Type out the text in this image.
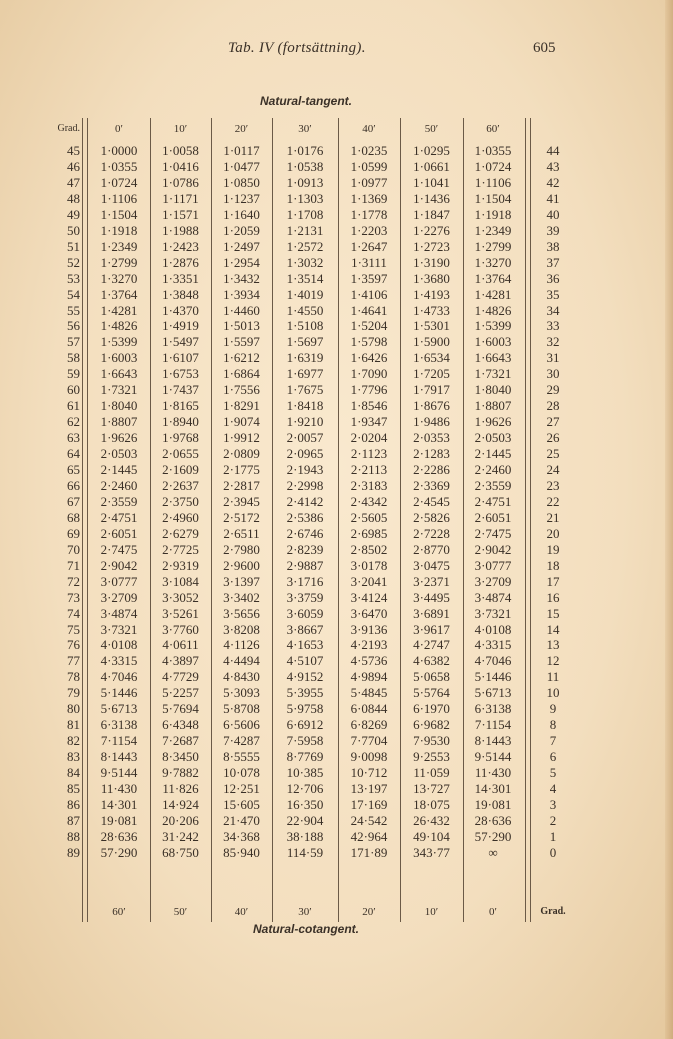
Tab. IV (fortsättning).	605
Natural-tangent.
Grad.	0′	10′	20′	30′	40′	50′	60′
45	1·0000	1·0058	1·0117	1·0176	1·0235	1·0295	1·0355	44
46	1·0355	1·0416	1·0477	1·0538	1·0599	1·0661	1·0724	43
47	1·0724	1·0786	1·0850	1·0913	1·0977	1·1041	1·1106	42
48	1·1106	1·1171	1·1237	1·1303	1·1369	1·1436	1·1504	41
49	1·1504	1·1571	1·1640	1·1708	1·1778	1·1847	1·1918	40
50	1·1918	1·1988	1·2059	1·2131	1·2203	1·2276	1·2349	39
51	1·2349	1·2423	1·2497	1·2572	1·2647	1·2723	1·2799	38
52	1·2799	1·2876	1·2954	1·3032	1·3111	1·3190	1·3270	37
53	1·3270	1·3351	1·3432	1·3514	1·3597	1·3680	1·3764	36
54	1·3764	1·3848	1·3934	1·4019	1·4106	1·4193	1·4281	35
55	1·4281	1·4370	1·4460	1·4550	1·4641	1·4733	1·4826	34
56	1·4826	1·4919	1·5013	1·5108	1·5204	1·5301	1·5399	33
57	1·5399	1·5497	1·5597	1·5697	1·5798	1·5900	1·6003	32
58	1·6003	1·6107	1·6212	1·6319	1·6426	1·6534	1·6643	31
59	1·6643	1·6753	1·6864	1·6977	1·7090	1·7205	1·7321	30
60	1·7321	1·7437	1·7556	1·7675	1·7796	1·7917	1·8040	29
61	1·8040	1·8165	1·8291	1·8418	1·8546	1·8676	1·8807	28
62	1·8807	1·8940	1·9074	1·9210	1·9347	1·9486	1·9626	27
63	1·9626	1·9768	1·9912	2·0057	2·0204	2·0353	2·0503	26
64	2·0503	2·0655	2·0809	2·0965	2·1123	2·1283	2·1445	25
65	2·1445	2·1609	2·1775	2·1943	2·2113	2·2286	2·2460	24
66	2·2460	2·2637	2·2817	2·2998	2·3183	2·3369	2·3559	23
67	2·3559	2·3750	2·3945	2·4142	2·4342	2·4545	2·4751	22
68	2·4751	2·4960	2·5172	2·5386	2·5605	2·5826	2·6051	21
69	2·6051	2·6279	2·6511	2·6746	2·6985	2·7228	2·7475	20
70	2·7475	2·7725	2·7980	2·8239	2·8502	2·8770	2·9042	19
71	2·9042	2·9319	2·9600	2·9887	3·0178	3·0475	3·0777	18
72	3·0777	3·1084	3·1397	3·1716	3·2041	3·2371	3·2709	17
73	3·2709	3·3052	3·3402	3·3759	3·4124	3·4495	3·4874	16
74	3·4874	3·5261	3·5656	3·6059	3·6470	3·6891	3·7321	15
75	3·7321	3·7760	3·8208	3·8667	3·9136	3·9617	4·0108	14
76	4·0108	4·0611	4·1126	4·1653	4·2193	4·2747	4·3315	13
77	4·3315	4·3897	4·4494	4·5107	4·5736	4·6382	4·7046	12
78	4·7046	4·7729	4·8430	4·9152	4·9894	5·0658	5·1446	11
79	5·1446	5·2257	5·3093	5·3955	5·4845	5·5764	5·6713	10
80	5·6713	5·7694	5·8708	5·9758	6·0844	6·1970	6·3138	9
81	6·3138	6·4348	6·5606	6·6912	6·8269	6·9682	7·1154	8
82	7·1154	7·2687	7·4287	7·5958	7·7704	7·9530	8·1443	7
83	8·1443	8·3450	8·5555	8·7769	9·0098	9·2553	9·5144	6
84	9·5144	9·7882	10·078	10·385	10·712	11·059	11·430	5
85	11·430	11·826	12·251	12·706	13·197	13·727	14·301	4
86	14·301	14·924	15·605	16·350	17·169	18·075	19·081	3
87	19·081	20·206	21·470	22·904	24·542	26·432	28·636	2
88	28·636	31·242	34·368	38·188	42·964	49·104	57·290	1
89	57·290	68·750	85·940	114·59	171·89	343·77	∞	0
60′	50′	40′	30′	20′	10′	0′	Grad.
Natural-cotangent.
